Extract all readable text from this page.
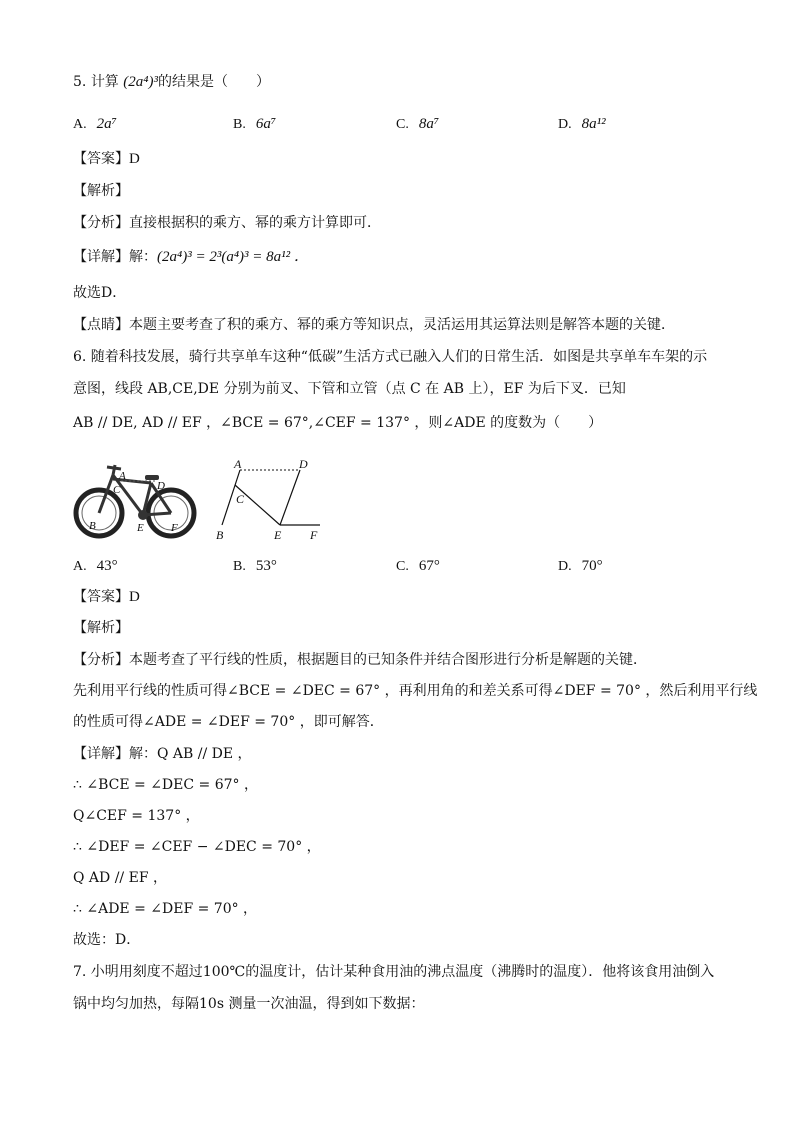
5. 计算 (2a⁴)³的结果是（　　）
A. 2a⁷	B. 6a⁷	C. 8a⁷	D. 8a¹²
【答案】D
【解析】
【分析】直接根据积的乘方、幂的乘方计算即可．
【详解】解：(2a⁴)³ = 2³(a⁴)³ = 8a¹² ．
故选D．
【点睛】本题主要考查了积的乘方、幂的乘方等知识点，灵活运用其运算法则是解答本题的关键．
6. 随着科技发展，骑行共享单车这种“低碳”生活方式已融入人们的日常生活．如图是共享单车车架的示
意图，线段 AB,CE,DE 分别为前叉、下管和立管（点 C 在 AB 上），EF 为后下叉．已知
AB // DE, AD // EF ，∠BCE = 67°,∠CEF = 137° ，则∠ADE 的度数为（　　）
A
C	D
B	E F
A	D
C
B	E F
A. 43°	B. 53°	C. 67°	D. 70°
【答案】D
【解析】
【分析】本题考查了平行线的性质，根据题目的已知条件并结合图形进行分析是解题的关键．
先利用平行线的性质可得∠BCE = ∠DEC = 67° ，再利用角的和差关系可得∠DEF = 70° ，然后利用平行线
的性质可得∠ADE = ∠DEF = 70° ，即可解答．
【详解】解：Q AB // DE ，
∴ ∠BCE = ∠DEC = 67° ，
Q∠CEF = 137° ，
∴ ∠DEF = ∠CEF − ∠DEC = 70° ，
Q AD // EF ，
∴ ∠ADE = ∠DEF = 70° ，
故选：D．
7. 小明用刻度不超过100℃的温度计，估计某种食用油的沸点温度（沸腾时的温度）．他将该食用油倒入
锅中均匀加热，每隔10s 测量一次油温，得到如下数据：
